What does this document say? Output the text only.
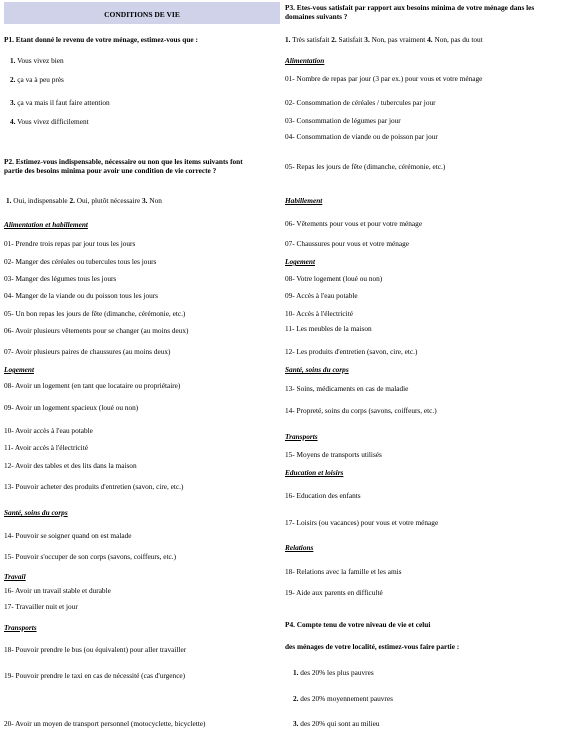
CONDITIONS DE VIE
P1. Etant donné le revenu de votre ménage, estimez-vous que :
1. Vous vivez bien
2. ça va à peu près
3. ça va mais il faut faire attention
4. Vous vivez difficilement
P2. Estimez-vous indispensable, nécessaire ou non que les items suivants font
partie des besoins minima pour avoir une condition de vie correcte ?
1. Oui, indispensable 2. Oui, plutôt nécessaire 3. Non
Alimentation et habillement
01- Prendre trois repas par jour tous les jours
02- Manger des céréales ou tubercules tous les jours
03- Manger des légumes tous les jours
04- Manger de la viande ou du poisson tous les jours
05- Un bon repas les jours de fête (dimanche, cérémonie, etc.)
06- Avoir plusieurs vêtements pour se changer (au moins deux)
07- Avoir plusieurs paires de chaussures (au moins deux)
Logement
08- Avoir un logement (en tant que locataire ou propriétaire)
09- Avoir un logement spacieux (loué ou non)
10- Avoir accès à l'eau potable
11- Avoir accès à l'électricité
12- Avoir des tables et des lits dans la maison
13- Pouvoir acheter des produits d'entretien (savon, cire, etc.)
Santé, soins du corps
14- Pouvoir se soigner quand on est malade
15- Pouvoir s'occuper de son corps (savons, coiffeurs, etc.)
Travail
16- Avoir un travail stable et durable
17- Travailler nuit et jour
Transports
18- Pouvoir prendre le bus (ou équivalent) pour aller travailler
19- Pouvoir prendre le taxi en cas de nécessité (cas d'urgence)
20- Avoir un moyen de transport personnel (motocyclette, bicyclette)
P3. Etes-vous satisfait par rapport aux besoins minima de votre ménage dans les
domaines suivants ?
1. Très satisfait 2. Satisfait 3. Non, pas vraiment 4. Non, pas du tout
Alimentation
01- Nombre de repas par jour (3 par ex.) pour vous et votre ménage
02- Consommation de céréales / tubercules par jour
03- Consommation de légumes par jour
04- Consommation de viande ou de poisson par jour
05- Repas les jours de fête (dimanche, cérémonie, etc.)
Habillement
06- Vêtements pour vous et pour votre ménage
07- Chaussures pour vous et votre ménage
Logement
08- Votre logement (loué ou non)
09- Accès à l'eau potable
10- Accès à l'électricité
11- Les meubles de la maison
12- Les produits d'entretien (savon, cire, etc.)
Santé, soins du corps
13- Soins, médicaments en cas de maladie
14- Propreté, soins du corps (savons, coiffeurs, etc.)
Transports
15- Moyens de transports utilisés
Education et loisirs
16- Education des enfants
17- Loisirs (ou vacances) pour vous et votre ménage
Relations
18- Relations avec la famille et les amis
19- Aide aux parents en difficulté
P4. Compte tenu de votre niveau de vie et celui
des ménages de votre localité, estimez-vous faire partie :
1. des 20% les plus pauvres
2. des 20% moyennement pauvres
3. des 20% qui sont au milieu
